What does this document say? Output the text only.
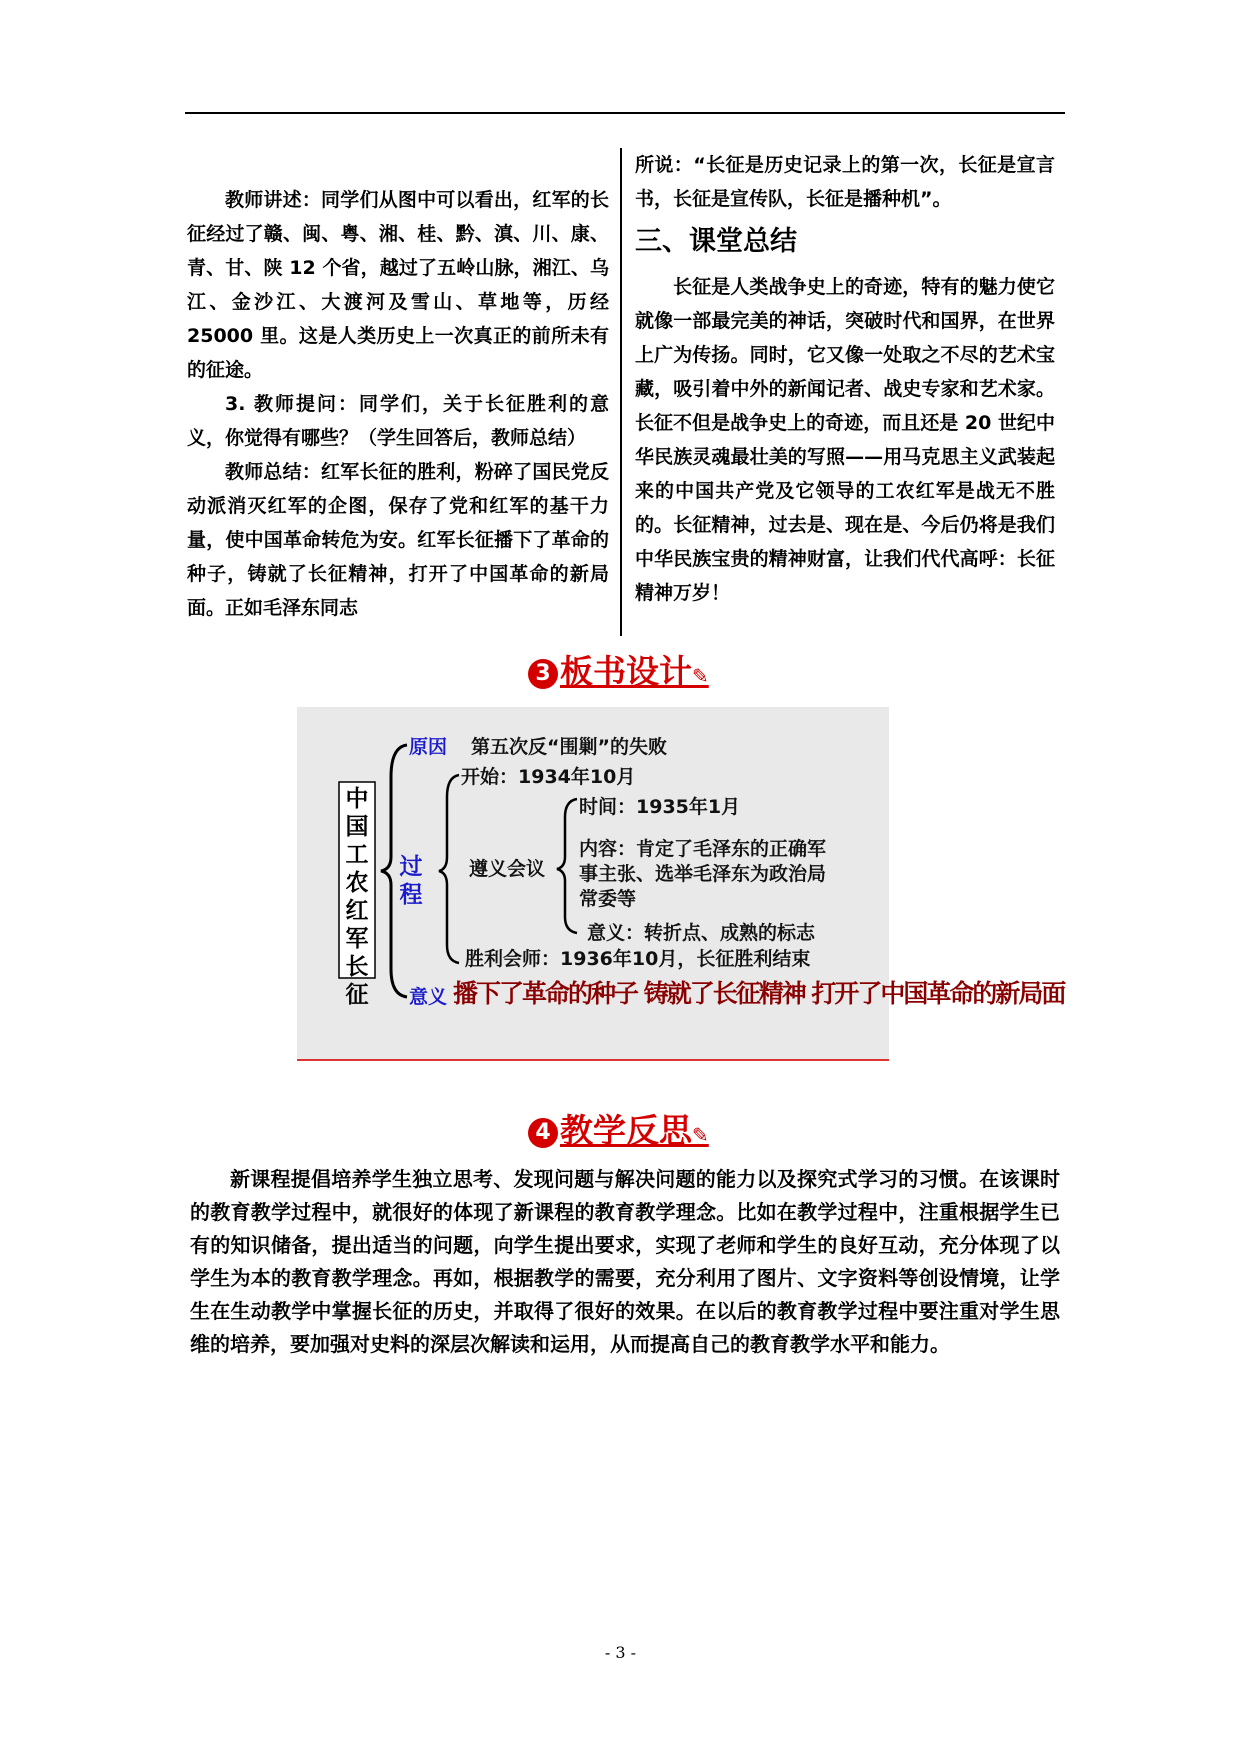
教师讲述：同学们从图中可以看出，红军的长征经过了赣、闽、粤、湘、桂、黔、滇、川、康、青、甘、陕 12 个省，越过了五岭山脉，湘江、乌江、金沙江、大渡河及雪山、草地等，历经 25000 里。这是人类历史上一次真正的前所未有的征途。

3. 教师提问：同学们，关于长征胜利的意义，你觉得有哪些？（学生回答后，教师总结）

教师总结：红军长征的胜利，粉碎了国民党反动派消灭红军的企图，保存了党和红军的基干力量，使中国革命转危为安。红军长征播下了革命的种子，铸就了长征精神，打开了中国革命的新局面。正如毛泽东同志

所说：“长征是历史记录上的第一次，长征是宣言书，长征是宣传队，长征是播种机”。

三、课堂总结

长征是人类战争史上的奇迹，特有的魅力使它就像一部最完美的神话，突破时代和国界，在世界上广为传扬。同时，它又像一处取之不尽的艺术宝藏，吸引着中外的新闻记者、战史专家和艺术家。长征不但是战争史上的奇迹，而且还是 20 世纪中华民族灵魂最壮美的写照——用马克思主义武装起来的中国共产党及它领导的工农红军是战无不胜的。长征精神，过去是、现在是、今后仍将是我们中华民族宝贵的精神财富，让我们代代高呼：长征精神万岁！

3 板书设计✎
中国工农红军长征
原因 第五次反“围剿”的失败
开始：1934年10月
过程
遵义会议
时间：1935年1月
内容：肯定了毛泽东的正确军
事主张、选举毛泽东为政治局
常委等
意义：转折点、成熟的标志
胜利会师：1936年10月，长征胜利结束
意义 播下了革命的种子 铸就了长征精神 打开了中国革命的新局面
4 教学反思✎

新课程提倡培养学生独立思考、发现问题与解决问题的能力以及探究式学习的习惯。在该课时的教育教学过程中，就很好的体现了新课程的教育教学理念。比如在教学过程中，注重根据学生已有的知识储备，提出适当的问题，向学生提出要求，实现了老师和学生的良好互动，充分体现了以学生为本的教育教学理念。再如，根据教学的需要，充分利用了图片、文字资料等创设情境，让学生在生动教学中掌握长征的历史，并取得了很好的效果。在以后的教育教学过程中要注重对学生思维的培养，要加强对史料的深层次解读和运用，从而提高自己的教育教学水平和能力。

- 3 -
